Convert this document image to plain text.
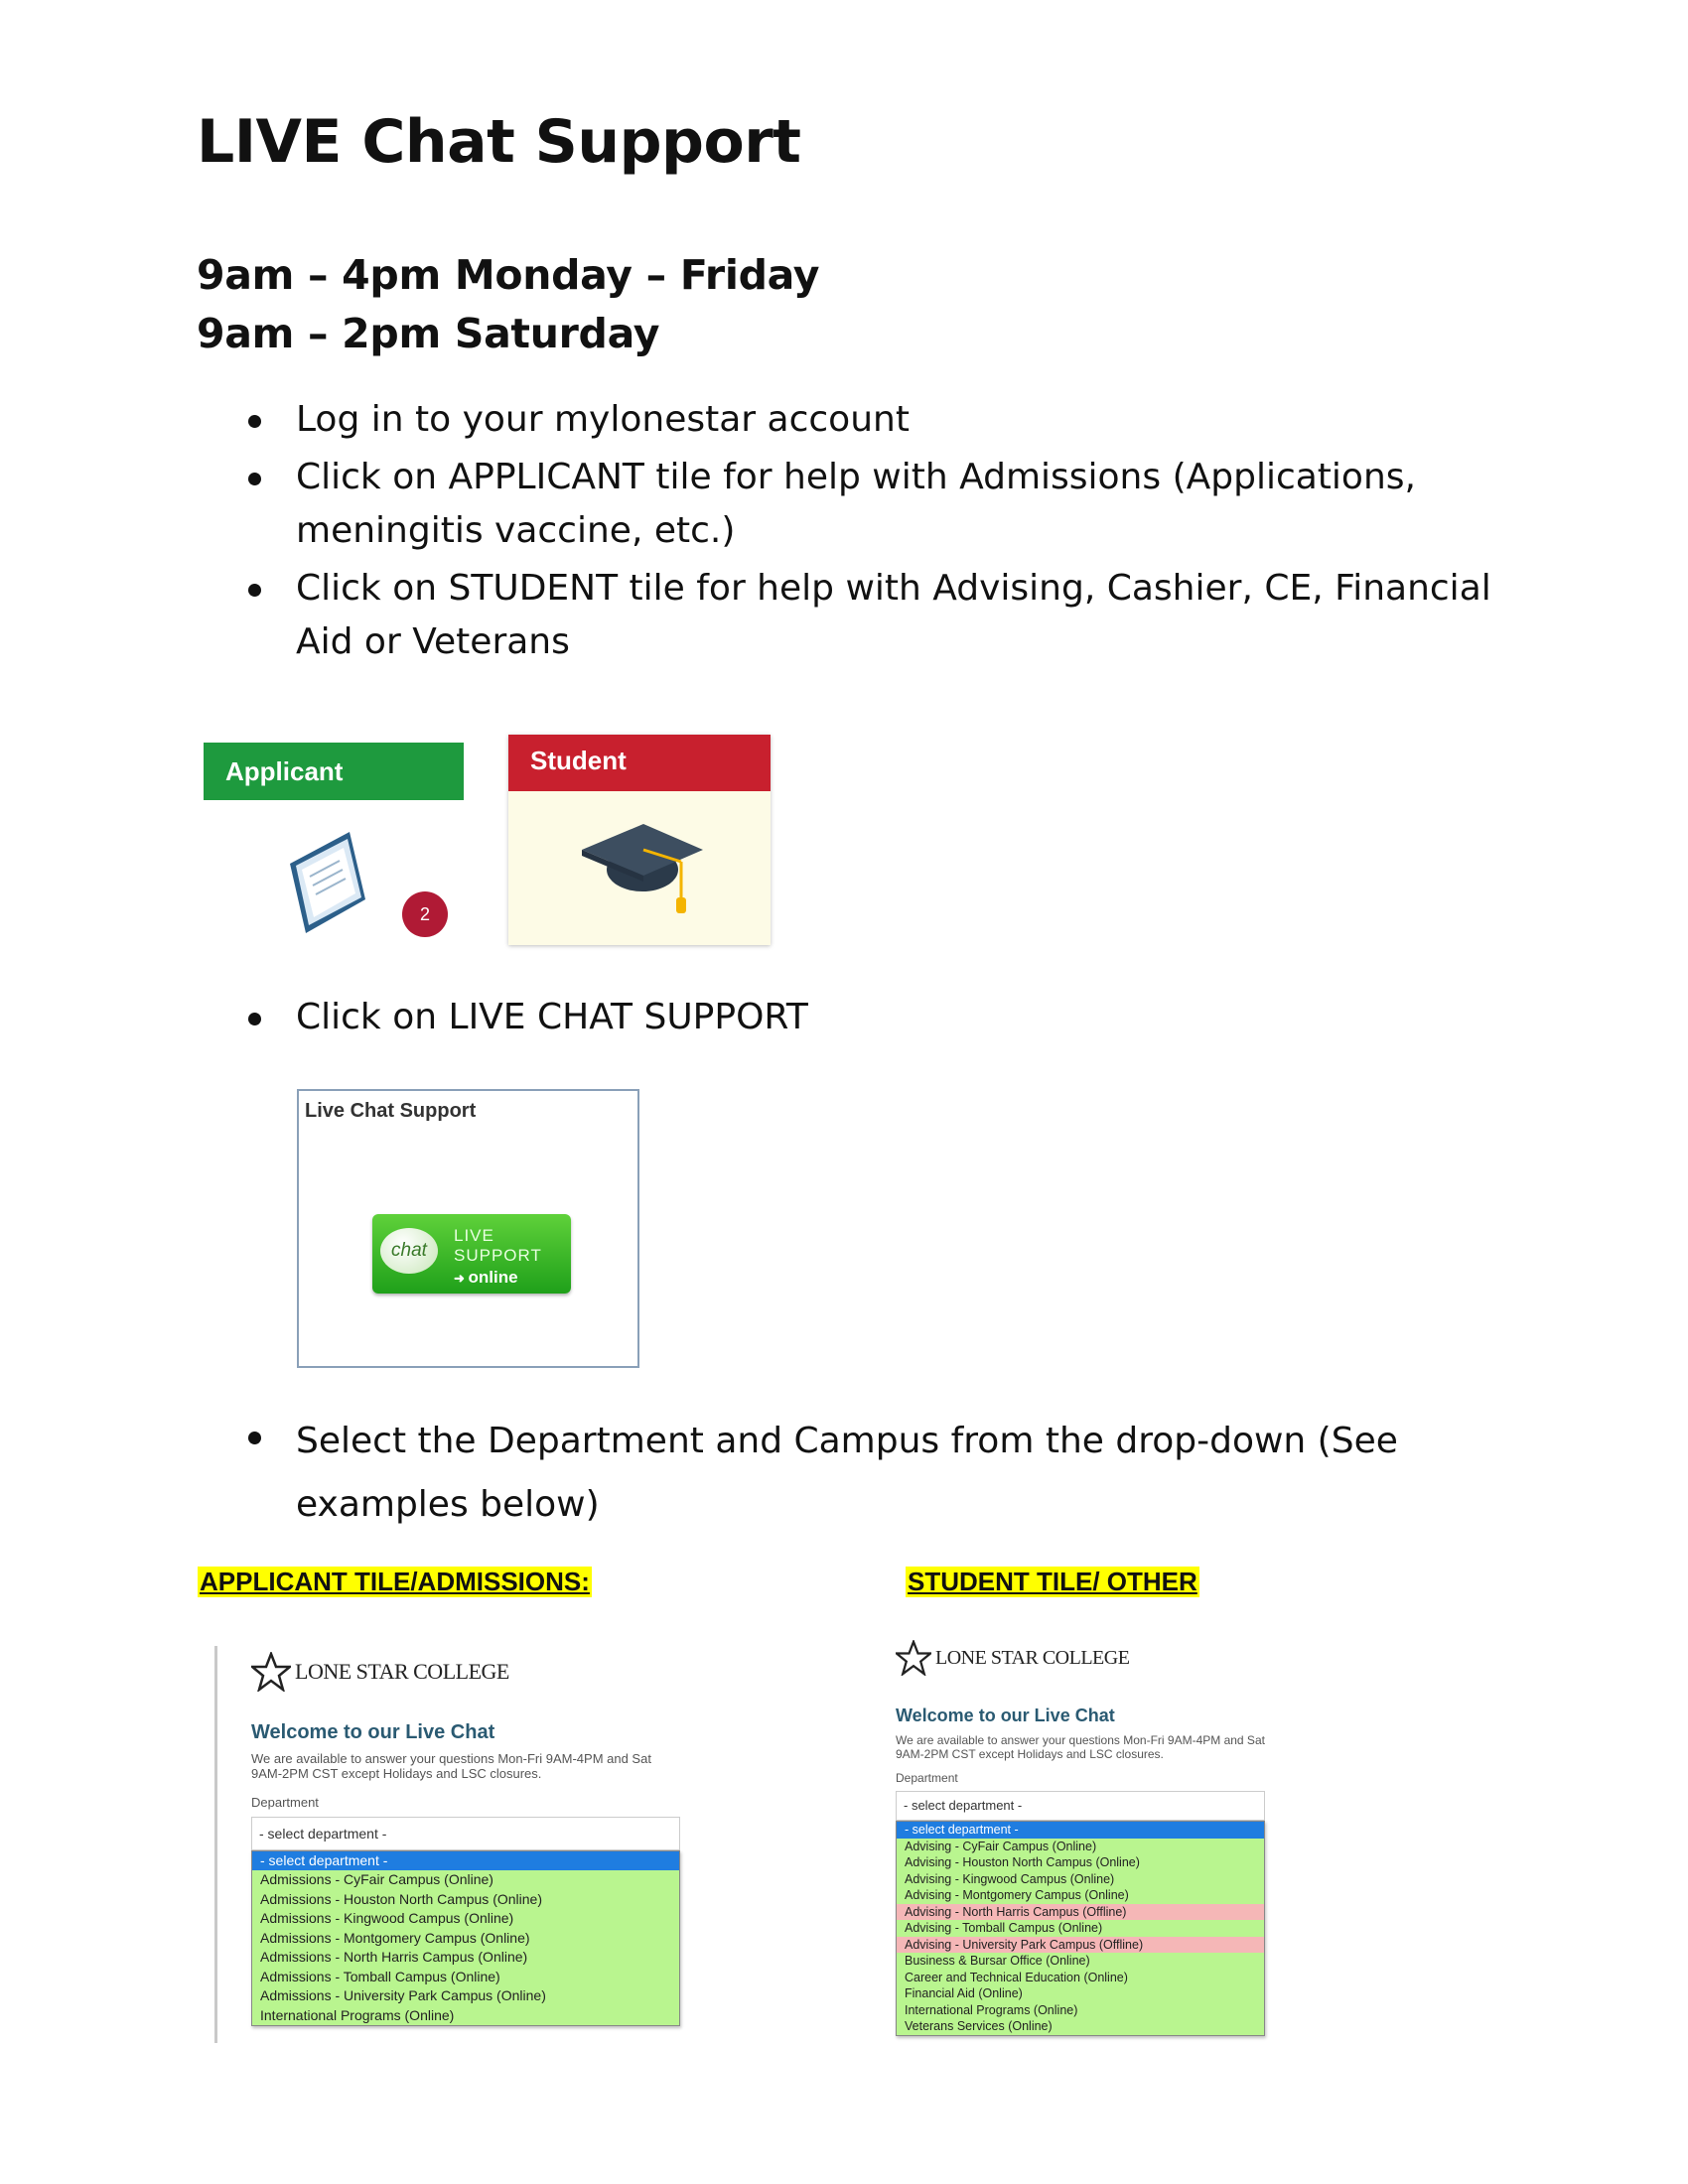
LIVE Chat Support

9am – 4pm Monday – Friday

9am – 2pm Saturday

Log in to your mylonestar account
Click on APPLICANT tile for help with Admissions (Applications, meningitis vaccine, etc.)
Click on STUDENT tile for help with Advising, Cashier, CE, Financial Aid or Veterans
Applicant
2
Student
Click on LIVE CHAT SUPPORT
Live Chat Support
chat
LIVE
SUPPORT
➜ online
Select the Department and Campus from the drop-down (See examples below)
APPLICANT TILE/ADMISSIONS:	STUDENT TILE/ OTHER
LONE STAR COLLEGE
Welcome to our Live Chat
We are available to answer your questions Mon-Fri 9AM-4PM and Sat 9AM-2PM CST except Holidays and LSC closures.
Department
- select department -
- select department -
Admissions - CyFair Campus (Online)
Admissions - Houston North Campus (Online)
Admissions - Kingwood Campus (Online)
Admissions - Montgomery Campus (Online)
Admissions - North Harris Campus (Online)
Admissions - Tomball Campus (Online)
Admissions - University Park Campus (Online)
International Programs (Online)
LONE STAR COLLEGE
Welcome to our Live Chat
We are available to answer your questions Mon-Fri 9AM-4PM and Sat 9AM-2PM CST except Holidays and LSC closures.
Department
- select department -
- select department -
Advising - CyFair Campus (Online)
Advising - Houston North Campus (Online)
Advising - Kingwood Campus (Online)
Advising - Montgomery Campus (Online)
Advising - North Harris Campus (Offline)
Advising - Tomball Campus (Online)
Advising - University Park Campus (Offline)
Business & Bursar Office (Online)
Career and Technical Education (Online)
Financial Aid (Online)
International Programs (Online)
Veterans Services (Online)
